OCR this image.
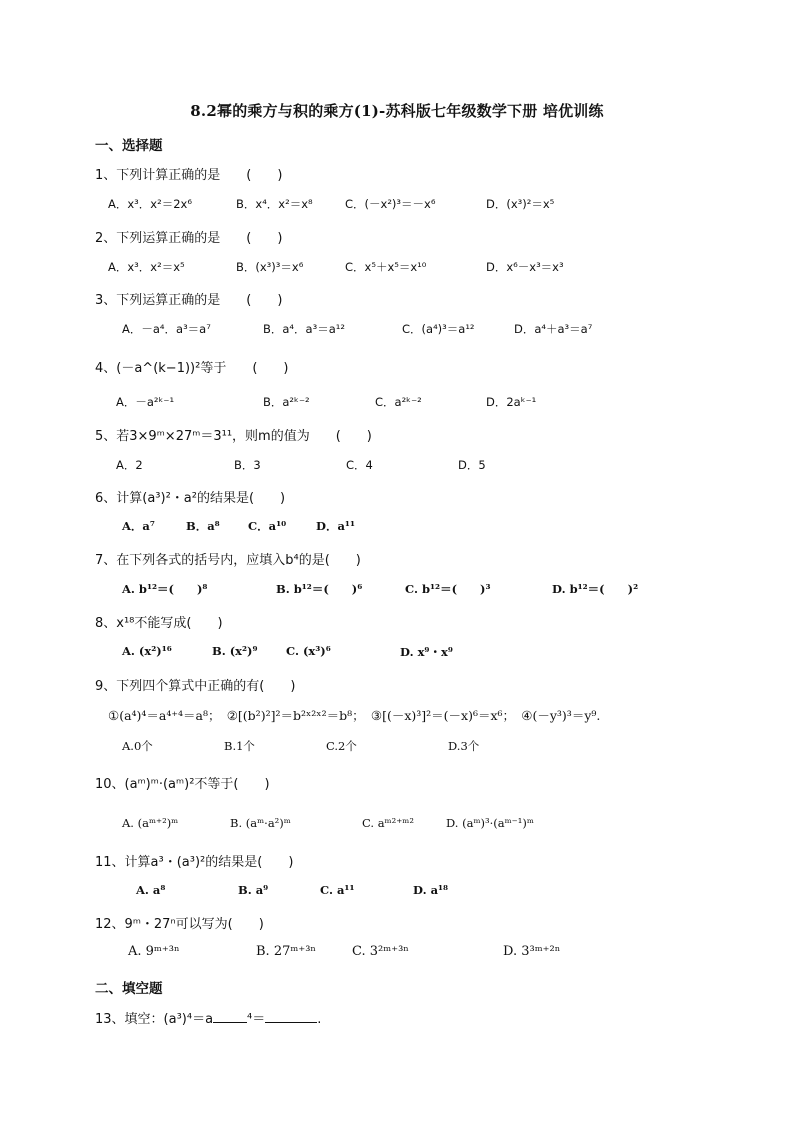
8.2幂的乘方与积的乘方(1)-苏科版七年级数学下册 培优训练
一、选择题
1、下列计算正确的是　　(　　)
A．x³．x²＝2x⁶	B．x⁴．x²＝x⁸	C．(－x²)³＝－x⁶	D．(x³)²＝x⁵
2、下列运算正确的是　　(　　)
A．x³．x²＝x⁵	B．(x³)³＝x⁶	C．x⁵＋x⁵＝x¹⁰	D．x⁶－x³＝x³
3、下列运算正确的是　　(　　)
A．－a⁴．a³＝a⁷	B．a⁴．a³＝a¹²	C．(a⁴)³＝a¹²	D．a⁴＋a³＝a⁷
4、(－a^(k−1))²等于　　(　　)
A．－a²ᵏ⁻¹	B．a²ᵏ⁻²	C．a²ᵏ⁻²	D．2aᵏ⁻¹
5、若3×9ᵐ×27ᵐ＝3¹¹，则m的值为　　(　　)
A．2	B．3	C．4	D．5
6、计算(a³)²・a²的结果是(　　)
A．a⁷	B．a⁸ C．a¹⁰	D．a¹¹
7、在下列各式的括号内，应填入b⁴的是(　　)
A. b¹²＝(　　)⁸	B. b¹²＝(　　)⁶	C. b¹²＝(　　)³	D. b¹²＝(　　)²
8、x¹⁸不能写成(　　)
A. (x²)¹⁶	B. (x²)⁹ C. (x³)⁶	D. x⁹・x⁹
9、下列四个算式中正确的有(　　)
①(a⁴)⁴＝a⁴⁺⁴＝a⁸；　②[(b²)²]²＝b²ˣ²ˣ²＝b⁸；　③[(－x)³]²＝(－x)⁶＝x⁶；　④(－y³)³＝y⁹.
A.0个	B.1个	C.2个	D.3个
10、(aᵐ)ᵐ·(aᵐ)²不等于(　　)
A. (aᵐ⁺²)ᵐ	B. (aᵐ·a²)ᵐ	C. aᵐ²⁺ᵐ²	D. (aᵐ)³·(aᵐ⁻¹)ᵐ
11、计算a³・(a³)²的结果是(　　)
A. a⁸	B. a⁹	C. a¹¹	D. a¹⁸
12、9ᵐ・27ⁿ可以写为(　　)
A. 9ᵐ⁺³ⁿ	B. 27ᵐ⁺³ⁿ	C. 3²ᵐ⁺³ⁿ	D. 3³ᵐ⁺²ⁿ
二、填空题
13、填空：(a³)⁴＝a	⁴＝	.
